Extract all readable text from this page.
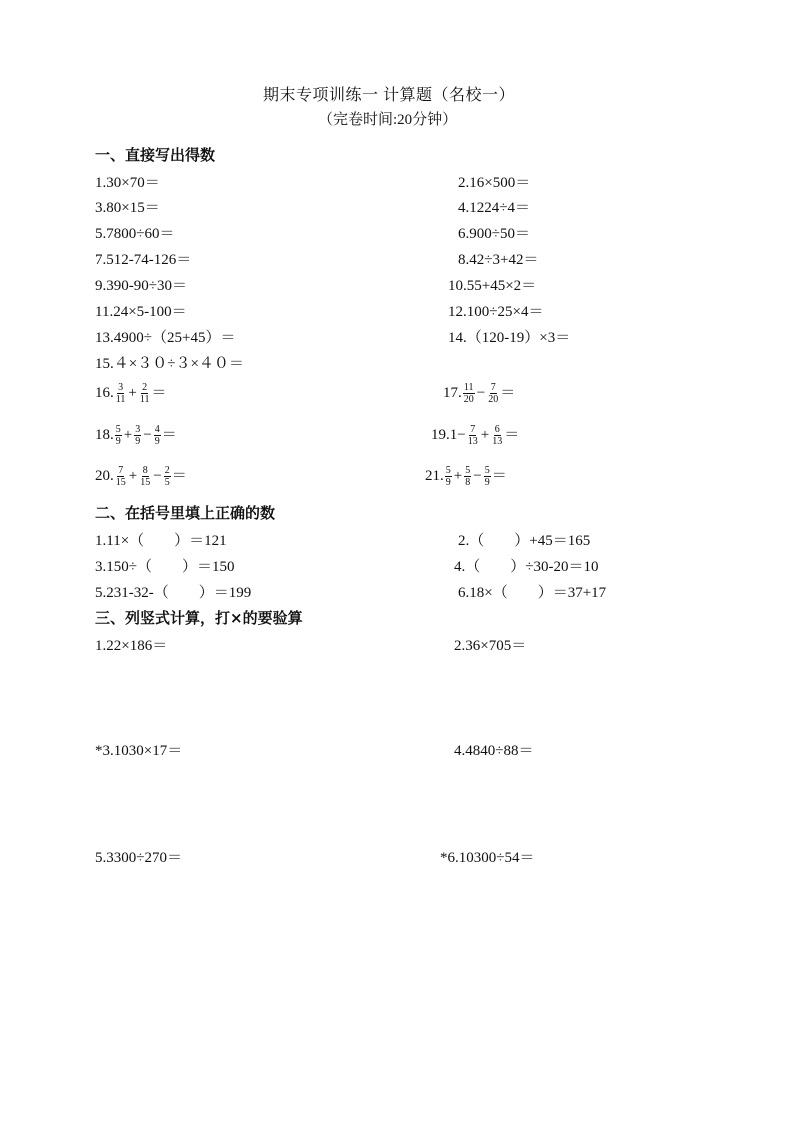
期末专项训练一 计算题（名校一）
（完卷时间:20分钟）
一、直接写出得数
1.30×70＝	2.16×500＝
3.80×15＝	4.1224÷4＝
5.7800÷60＝	6.900÷50＝
7.512-74-126＝	8.42÷3+42＝
9.390-90÷30＝	10.55+45×2＝
11.24×5-100＝	12.100÷25×4＝
13.4900÷（25+45）＝	14.（120-19）×3＝
15.４×３０÷３×４０＝
16. $\frac{3}{11} + \frac{2}{11}$ ＝	17. $\frac{11}{20} - \frac{7}{20}$ ＝
18. $\frac{5}{9} + \frac{3}{9} - \frac{4}{9}$ ＝	$19.1- \frac{7}{13} + \frac{6}{13}$ ＝
20. $\frac{7}{15} + \frac{8}{15} - \frac{2}{5}$ ＝	21. $\frac{5}{9} + \frac{5}{8} - \frac{5}{9}$ ＝
二、在括号里填上正确的数
1.11×（　　）＝121	2.（　　）+45＝165
3.150÷（　　）＝150	4.（　　）÷30-20＝10
5.231-32-（　　）＝199	6.18×（　　）＝37+17
三、列竖式计算，打×的要验算
1.22×186＝	2.36×705＝
*3.1030×17＝	4.4840÷88＝
5.3300÷270＝	*6.10300÷54＝
